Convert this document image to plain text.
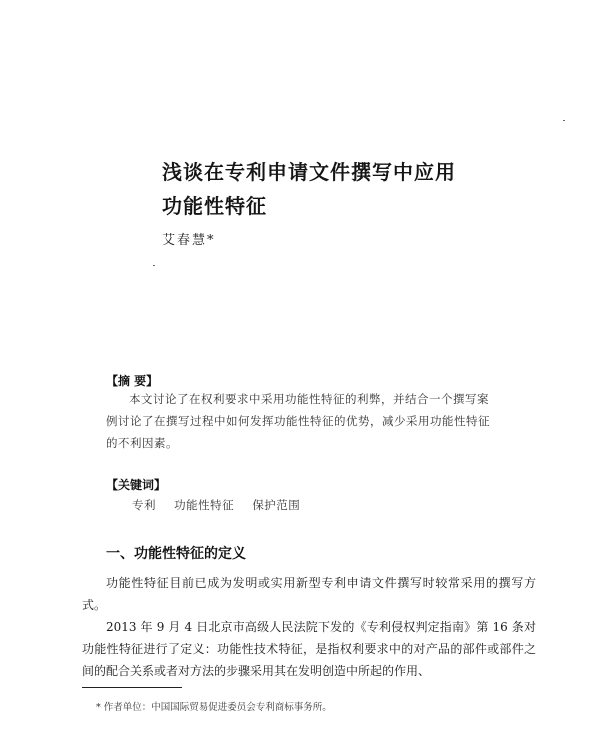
浅谈在专利申请文件撰写中应用
功能性特征
艾春慧*
【摘 要】
本文讨论了在权利要求中采用功能性特征的利弊，并结合一个撰写案例讨论了在撰写过程中如何发挥功能性特征的优势，减少采用功能性特征的不利因素。
【关键词】
专利 功能性特征 保护范围
一、功能性特征的定义

功能性特征目前已成为发明或实用新型专利申请文件撰写时较常采用的撰写方式。

2013 年 9 月 4 日北京市高级人民法院下发的《专利侵权判定指南》第 16 条对功能性特征进行了定义：功能性技术特征，是指权利要求中的对产品的部件或部件之间的配合关系或者对方法的步骤采用其在发明创造中所起的作用、

* 作者单位：中国国际贸易促进委员会专利商标事务所。
